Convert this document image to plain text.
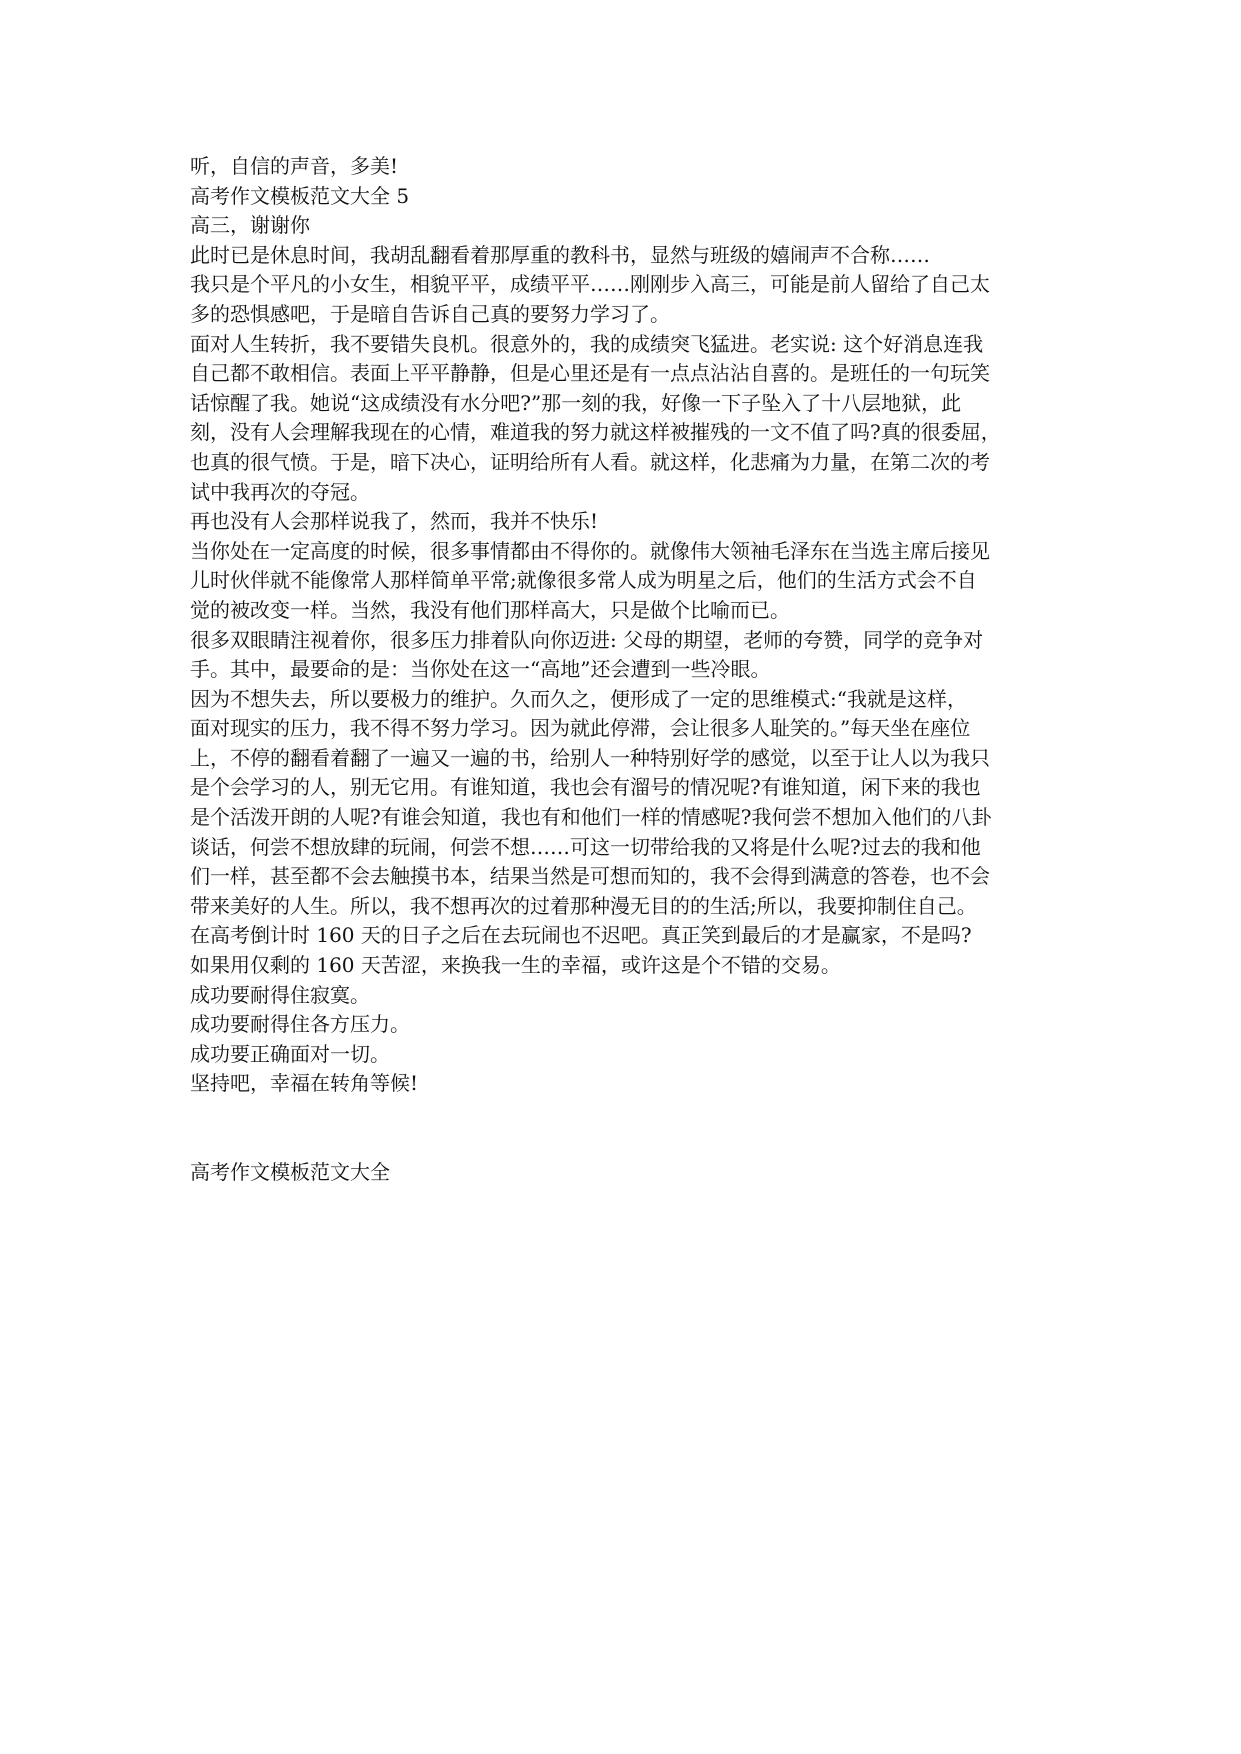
听，自信的声音，多美!

高考作文模板范文大全 5

高三，谢谢你

此时已是休息时间，我胡乱翻看着那厚重的教科书，显然与班级的嬉闹声不合称……

我只是个平凡的小女生，相貌平平，成绩平平……刚刚步入高三，可能是前人留给了自己太

多的恐惧感吧，于是暗自告诉自己真的要努力学习了。

面对人生转折，我不要错失良机。很意外的，我的成绩突飞猛进。老实说: 这个好消息连我

自己都不敢相信。表面上平平静静，但是心里还是有一点点沾沾自喜的。是班任的一句玩笑

话惊醒了我。她说“这成绩没有水分吧?”那一刻的我，好像一下子坠入了十八层地狱，此

刻，没有人会理解我现在的心情，难道我的努力就这样被摧残的一文不值了吗?真的很委屈，

也真的很气愤。于是，暗下决心，证明给所有人看。就这样，化悲痛为力量，在第二次的考

试中我再次的夺冠。

再也没有人会那样说我了，然而，我并不快乐!

当你处在一定高度的时候，很多事情都由不得你的。就像伟大领袖毛泽东在当选主席后接见

儿时伙伴就不能像常人那样简单平常;就像很多常人成为明星之后，他们的生活方式会不自

觉的被改变一样。当然，我没有他们那样高大，只是做个比喻而已。

很多双眼睛注视着你，很多压力排着队向你迈进: 父母的期望，老师的夸赞，同学的竞争对

手。其中，最要命的是：当你处在这一“高地”还会遭到一些冷眼。

因为不想失去，所以要极力的维护。久而久之，便形成了一定的思维模式:“我就是这样，

面对现实的压力，我不得不努力学习。因为就此停滞，会让很多人耻笑的。”每天坐在座位

上，不停的翻看着翻了一遍又一遍的书，给别人一种特别好学的感觉，以至于让人以为我只

是个会学习的人，别无它用。有谁知道，我也会有溜号的情况呢?有谁知道，闲下来的我也

是个活泼开朗的人呢?有谁会知道，我也有和他们一样的情感呢?我何尝不想加入他们的八卦

谈话，何尝不想放肆的玩闹，何尝不想……可这一切带给我的又将是什么呢?过去的我和他

们一样，甚至都不会去触摸书本，结果当然是可想而知的，我不会得到满意的答卷，也不会

带来美好的人生。所以，我不想再次的过着那种漫无目的的生活;所以，我要抑制住自己。

在高考倒计时 160 天的日子之后在去玩闹也不迟吧。真正笑到最后的才是赢家，不是吗?

如果用仅剩的 160 天苦涩，来换我一生的幸福，或许这是个不错的交易。

成功要耐得住寂寞。

成功要耐得住各方压力。

成功要正确面对一切。

坚持吧，幸福在转角等候!

高考作文模板范文大全
